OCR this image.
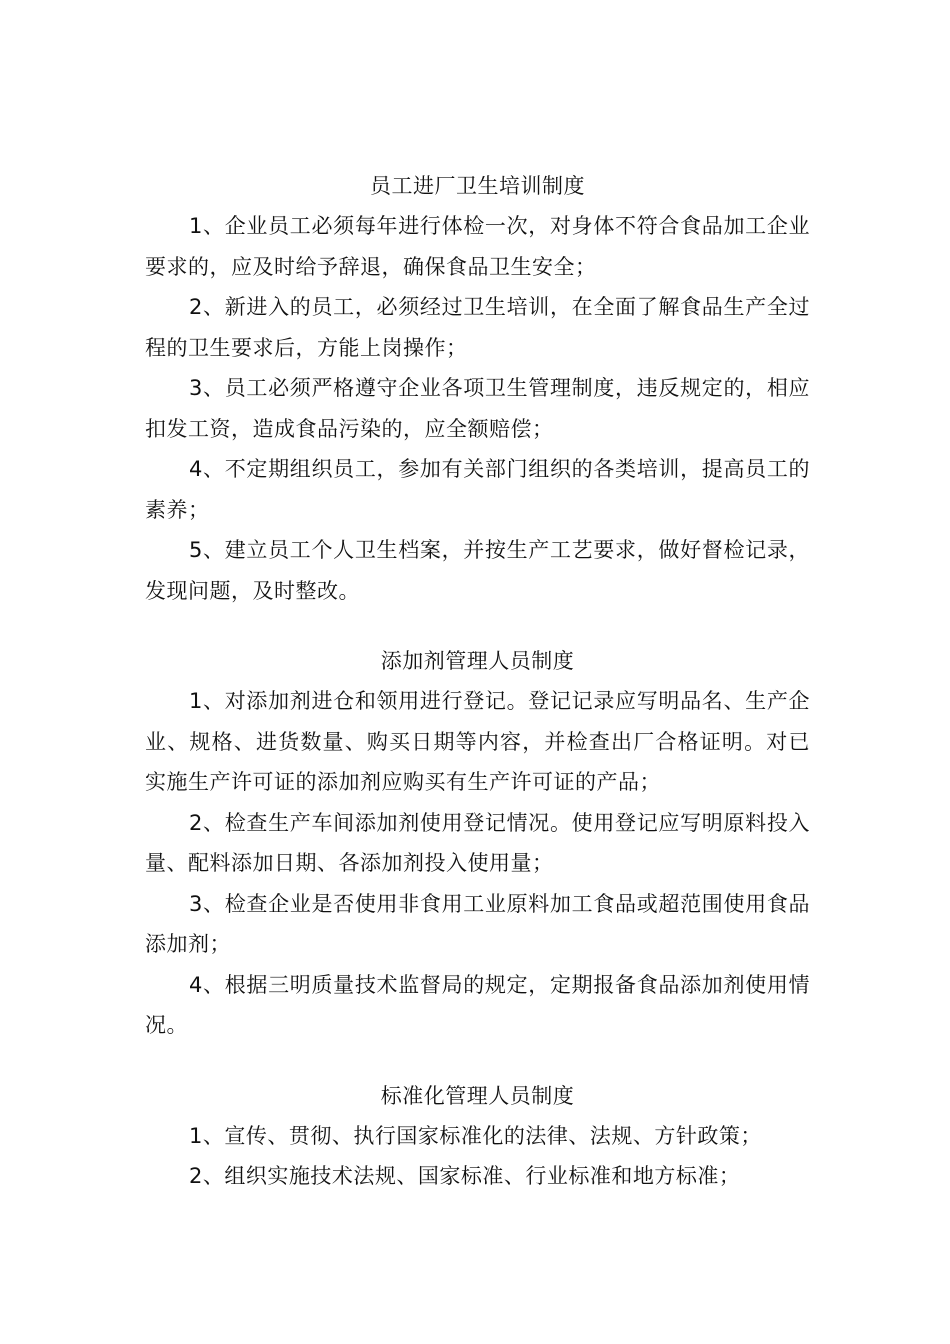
员工进厂卫生培训制度

1、企业员工必须每年进行体检一次，对身体不符合食品加工企业要求的，应及时给予辞退，确保食品卫生安全；

2、新进入的员工，必须经过卫生培训，在全面了解食品生产全过程的卫生要求后，方能上岗操作；

3、员工必须严格遵守企业各项卫生管理制度，违反规定的，相应扣发工资，造成食品污染的，应全额赔偿；

4、不定期组织员工，参加有关部门组织的各类培训，提高员工的素养；

5、建立员工个人卫生档案，并按生产工艺要求，做好督检记录，发现问题，及时整改。

添加剂管理人员制度

1、对添加剂进仓和领用进行登记。登记记录应写明品名、生产企业、规格、进货数量、购买日期等内容，并检查出厂合格证明。对已实施生产许可证的添加剂应购买有生产许可证的产品；

2、检查生产车间添加剂使用登记情况。使用登记应写明原料投入量、配料添加日期、各添加剂投入使用量；

3、检查企业是否使用非食用工业原料加工食品或超范围使用食品添加剂；

4、根据三明质量技术监督局的规定，定期报备食品添加剂使用情况。

标准化管理人员制度

1、宣传、贯彻、执行国家标准化的法律、法规、方针政策；

2、组织实施技术法规、国家标准、行业标准和地方标准；
